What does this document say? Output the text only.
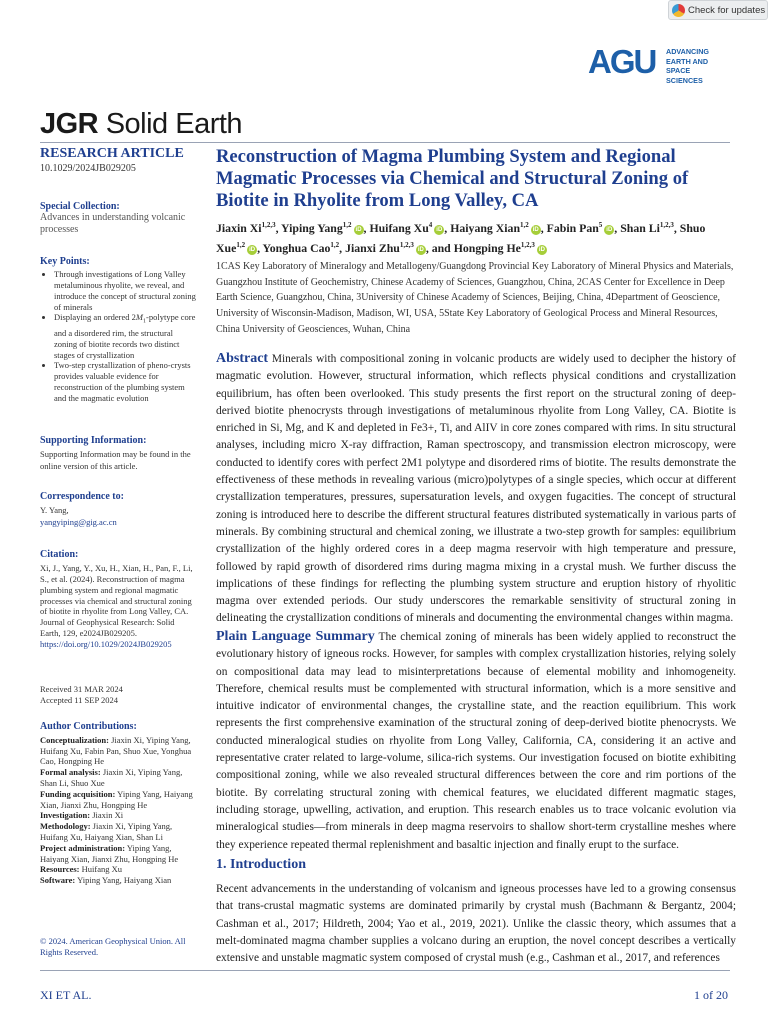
Check for updates
AGU ADVANCING
EARTH AND
SPACE SCIENCES
JGR Solid Earth
RESEARCH ARTICLE
10.1029/2024JB029205
Special Collection:
Advances in understanding volcanic processes
Key Points:
• Through investigations of Long Valley metaluminous rhyolite, we reveal, and introduce the concept of structural zoning of minerals
• Displaying an ordered $2M_1$-polytype core and a disordered rim, the structural zoning of biotite records two distinct stages of crystallization
• Two-step crystallization of pheno-crysts provides valuable evidence for reconstruction of the plumbing system and the magmatic evolution
Supporting Information:
Supporting Information may be found in the online version of this article.
Correspondence to:
Y. Yang,
yangyiping@gig.ac.cn
Citation:
Xi, J., Yang, Y., Xu, H., Xian, H., Pan, F., Li, S., et al. (2024). Reconstruction of magma plumbing system and regional magmatic processes via chemical and structural zoning of biotite in rhyolite from Long Valley, CA. Journal of Geophysical Research: Solid Earth, 129, e2024JB029205. https://doi.org/10.1029/2024JB029205
Received 31 MAR 2024
Accepted 11 SEP 2024
Author Contributions:
Conceptualization: Jiaxin Xi, Yiping Yang, Huifang Xu, Fabin Pan, Shuo Xue, Yonghua Cao, Hongping He
Formal analysis: Jiaxin Xi, Yiping Yang, Shan Li, Shuo Xue
Funding acquisition: Yiping Yang, Haiyang Xian, Jianxi Zhu, Hongping He
Investigation: Jiaxin Xi
Methodology: Jiaxin Xi, Yiping Yang, Huifang Xu, Haiyang Xian, Shan Li
Project administration: Yiping Yang, Haiyang Xian, Jianxi Zhu, Hongping He
Resources: Huifang Xu
Software: Yiping Yang, Haiyang Xian
© 2024. American Geophysical Union. All Rights Reserved.
Reconstruction of Magma Plumbing System and Regional Magmatic Processes via Chemical and Structural Zoning of Biotite in Rhyolite from Long Valley, CA
Jiaxin Xi$^{1,2,3}$, Yiping Yang$^{1,2}$iD , Huifang Xu$^4$iD , Haiyang Xian$^{1,2}$iD , Fabin Pan$^5$iD , Shan Li$^{1,2,3}$, Shuo Xue$^{1,2}$iD , Yonghua Cao$^{1,2}$, Jianxi Zhu$^{1,2,3}$iD , and Hongping He$^{1,2,3}$iD
1CAS Key Laboratory of Mineralogy and Metallogeny/Guangdong Provincial Key Laboratory of Mineral Physics and Materials, Guangzhou Institute of Geochemistry, Chinese Academy of Sciences, Guangzhou, China, 2CAS Center for Excellence in Deep Earth Science, Guangzhou, China, 3University of Chinese Academy of Sciences, Beijing, China, 4Department of Geoscience, University of Wisconsin-Madison, Madison, WI, USA, 5State Key Laboratory of Geological Process and Mineral Resources, China University of Geosciences, Wuhan, China
Abstract Minerals with compositional zoning in volcanic products are widely used to decipher the history of magmatic evolution. However, structural information, which reflects physical conditions and crystallization equilibrium, has often been overlooked. This study presents the first report on the structural zoning of deep-derived biotite phenocrysts through investigations of metaluminous rhyolite from Long Valley, CA. Biotite is enriched in Si, Mg, and K and depleted in Fe3+, Ti, and AlIV in core zones compared with rims. In situ structural analyses, including micro X-ray diffraction, Raman spectroscopy, and transmission electron microscopy, were conducted to identify cores with perfect 2M1 polytype and disordered rims of biotite. The results demonstrate the effectiveness of these methods in revealing various (micro)polytypes of a single species, which occur at different crystallization temperatures, pressures, supersaturation levels, and oxygen fugacities. The concept of structural zoning is introduced here to describe the different structural features distributed systematically in various parts of minerals. By combining structural and chemical zoning, we illustrate a two-step growth for samples: equilibrium crystallization of the highly ordered cores in a deep magma reservoir with high temperature and pressure, followed by rapid growth of disordered rims during magma mixing in a crystal mush. We further discuss the implications of these findings for reflecting the plumbing system structure and eruption history of rhyolitic magma over extended periods. Our study underscores the remarkable sensitivity of structural zoning in delineating the crystallization conditions of minerals and documenting the environmental changes within magma.
Plain Language Summary The chemical zoning of minerals has been widely applied to reconstruct the evolutionary history of igneous rocks. However, for samples with complex crystallization histories, relying solely on compositional data may lead to misinterpretations because of elemental mobility and inhomogeneity. Therefore, chemical results must be complemented with structural information, which is a more sensitive and intuitive indicator of environmental changes, the crystalline state, and the reaction equilibrium. This work represents the first comprehensive examination of the structural zoning of deep-derived biotite phenocrysts. We conducted mineralogical studies on rhyolite from Long Valley, California, CA, considering it an active and representative crater related to large-volume, silica-rich systems. Our investigation focused on biotite exhibiting compositional zoning, while we also revealed structural differences between the core and rim portions of the biotite. By correlating structural zoning with chemical features, we elucidated different magmatic stages, including storage, upwelling, activation, and eruption. This research enables us to trace volcanic evolution via mineralogical studies—from minerals in deep magma reservoirs to shallow short-term crystalline meshes where they experience repeated thermal replenishment and basaltic injection and finally erupt to the surface.
1. Introduction
Recent advancements in the understanding of volcanism and igneous processes have led to a growing consensus that trans-crustal magmatic systems are dominated primarily by crystal mush (Bachmann & Bergantz, 2004; Cashman et al., 2017; Hildreth, 2004; Yao et al., 2019, 2021). Unlike the classic theory, which assumes that a melt-dominated magma chamber supplies a volcano during an eruption, the novel concept describes a vertically extensive and unstable magmatic system composed of crystal mush (e.g., Cashman et al., 2017, and references
XI ET AL.	1 of 20
